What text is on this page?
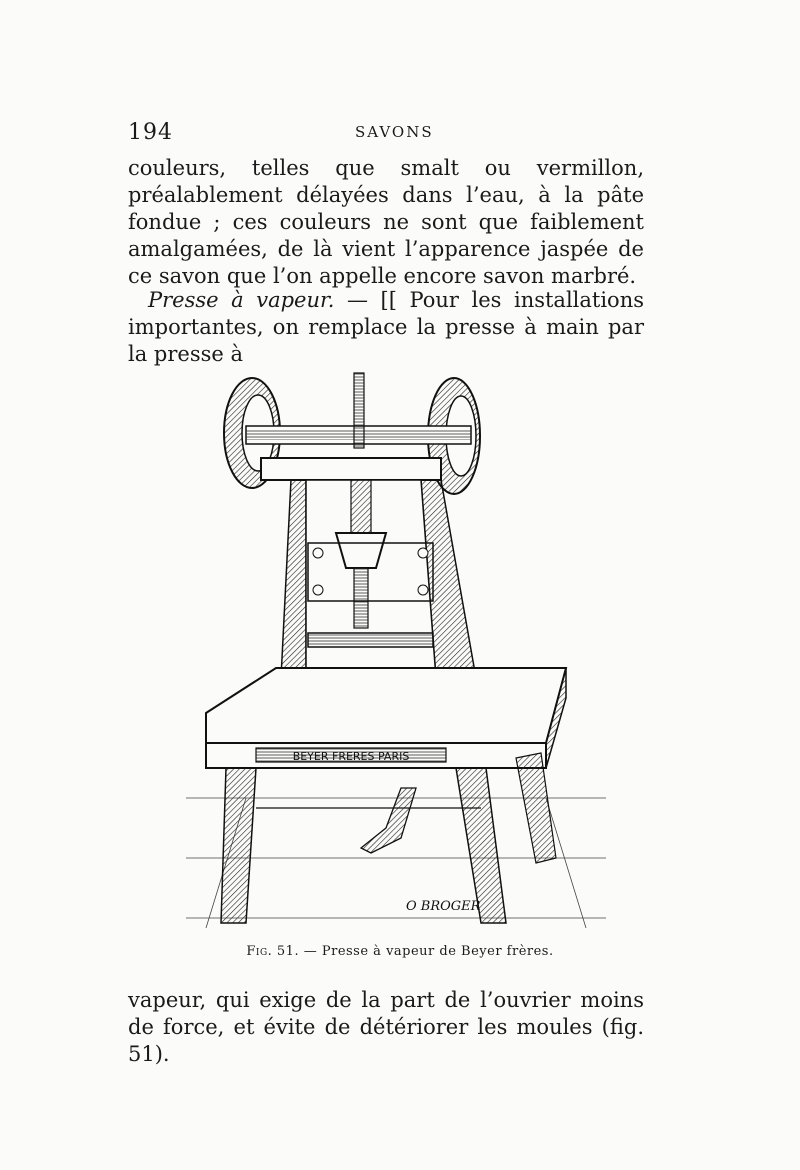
194	SAVONS

couleurs, telles que smalt ou vermillon, préalablement délayées dans l’eau, à la pâte fondue ; ces couleurs ne sont que faiblement amalgamées, de là vient l’apparence jaspée de ce savon que l’on appelle encore savon marbré.

Presse à vapeur. — [[ Pour les installations importantes, on remplace la presse à main par la presse à

BEYER FRERES PARIS
O BROGER
Fig. 51. — Presse à vapeur de Beyer frères.

vapeur, qui exige de la part de l’ouvrier moins de force, et évite de détériorer les moules (fig. 51).
